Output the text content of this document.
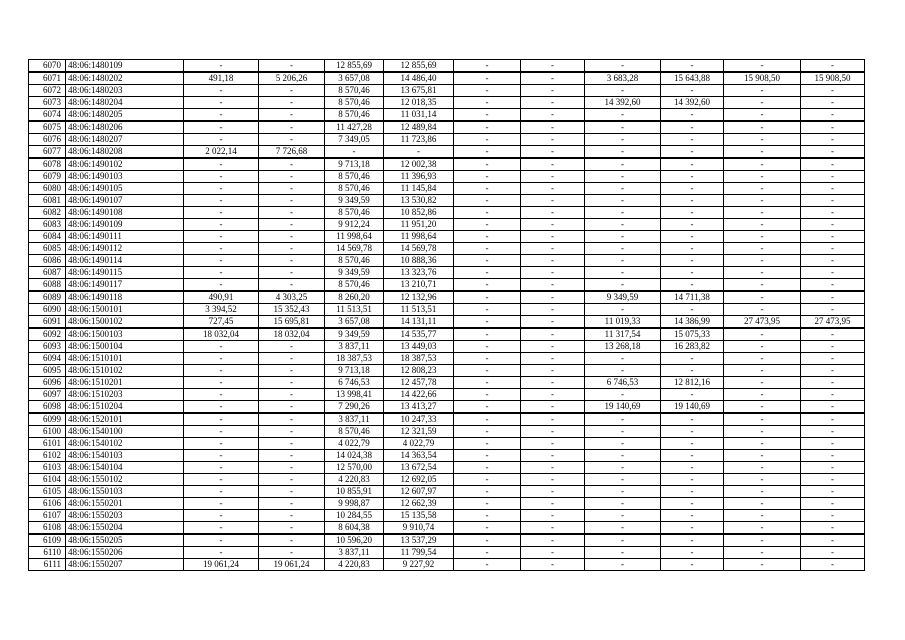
6070	48:06:1480109	-	-	12 855,69	12 855,69	-	-	-	-	-	-
6071	48:06:1480202	491,18	5 206,26	3 657,08	14 486,40	-	-	3 683,28	15 643,88	15 908,50	15 908,50
6072	48:06:1480203	-	-	8 570,46	13 675,81	-	-	-	-	-	-
6073	48:06:1480204	-	-	8 570,46	12 018,35	-	-	14 392,60	14 392,60	-	-
6074	48:06:1480205	-	-	8 570,46	11 031,14	-	-	-	-	-	-
6075	48:06:1480206	-	-	11 427,28	12 489,84	-	-	-	-	-	-
6076	48:06:1480207	-	-	7 349,05	11 723,86	-	-	-	-	-	-
6077	48:06:1480208	2 022,14	7 726,68	-	-	-	-	-	-	-	-
6078	48:06:1490102	-	-	9 713,18	12 002,38	-	-	-	-	-	-
6079	48:06:1490103	-	-	8 570,46	11 396,93	-	-	-	-	-	-
6080	48:06:1490105	-	-	8 570,46	11 145,84	-	-	-	-	-	-
6081	48:06:1490107	-	-	9 349,59	13 530,82	-	-	-	-	-	-
6082	48:06:1490108	-	-	8 570,46	10 852,86	-	-	-	-	-	-
6083	48:06:1490109	-	-	9 912,24	11 951,20	-	-	-	-	-	-
6084	48:06:1490111	-	-	11 998,64	11 998,64	-	-	-	-	-	-
6085	48:06:1490112	-	-	14 569,78	14 569,78	-	-	-	-	-	-
6086	48:06:1490114	-	-	8 570,46	10 888,36	-	-	-	-	-	-
6087	48:06:1490115	-	-	9 349,59	13 323,76	-	-	-	-	-	-
6088	48:06:1490117	-	-	8 570,46	13 210,71	-	-	-	-	-	-
6089	48:06:1490118	490,91	4 303,25	8 260,20	12 132,96	-	-	9 349,59	14 711,38	-	-
6090	48:06:1500101	3 394,52	15 352,43	11 513,51	11 513,51	-	-	-	-	-	-
6091	48:06:1500102	727,45	15 695,81	3 657,08	14 131,11	-	-	11 019,33	14 386,99	27 473,95	27 473,95
6092	48:06:1500103	18 032,04	18 032,04	9 349,59	14 535,77	-	-	11 317,54	15 075,33	-	-
6093	48:06:1500104	-	-	3 837,11	13 449,03	-	-	13 268,18	16 283,82	-	-
6094	48:06:1510101	-	-	18 387,53	18 387,53	-	-	-	-	-	-
6095	48:06:1510102	-	-	9 713,18	12 808,23	-	-	-	-	-	-
6096	48:06:1510201	-	-	6 746,53	12 457,78	-	-	6 746,53	12 812,16	-	-
6097	48:06:1510203	-	-	13 998,41	14 422,66	-	-	-	-	-	-
6098	48:06:1510204	-	-	7 290,26	13 413,27	-	-	19 140,69	19 140,69	-	-
6099	48:06:1520101	-	-	3 837,11	10 247,33	-	-	-	-	-	-
6100	48:06:1540100	-	-	8 570,46	12 321,59	-	-	-	-	-	-
6101	48:06:1540102	-	-	4 022,79	4 022,79	-	-	-	-	-	-
6102	48:06:1540103	-	-	14 024,38	14 363,54	-	-	-	-	-	-
6103	48:06:1540104	-	-	12 570,00	13 672,54	-	-	-	-	-	-
6104	48:06:1550102	-	-	4 220,83	12 692,05	-	-	-	-	-	-
6105	48:06:1550103	-	-	10 855,91	12 607,97	-	-	-	-	-	-
6106	48:06:1550201	-	-	9 998,87	12 662,39	-	-	-	-	-	-
6107	48:06:1550203	-	-	10 284,55	15 135,58	-	-	-	-	-	-
6108	48:06:1550204	-	-	8 604,38	9 910,74	-	-	-	-	-	-
6109	48:06:1550205	-	-	10 596,20	13 537,29	-	-	-	-	-	-
6110	48:06:1550206	-	-	3 837,11	11 799,54	-	-	-	-	-	-
6111	48:06:1550207	19 061,24	19 061,24	4 220,83	9 227,92	-	-	-	-	-	-
